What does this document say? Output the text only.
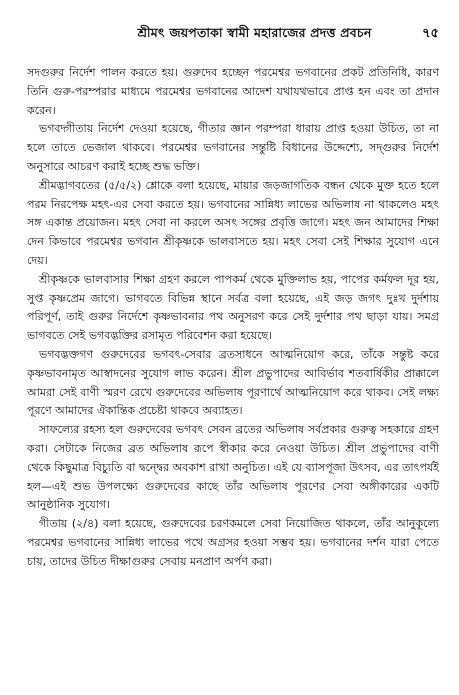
শ্রীমৎ জয়পতাকা স্বামী মহারাজের প্রদত্ত প্রবচন	৭৫

সদগুরুর নির্দেশ পালন করতে হয়। গুরুদেব হচ্ছেন পরমেশ্বর ভগবানের প্রকট প্রতিনিধি, কারণ তিনি গুরু-পরম্পরার মাধ্যমে পরমেশ্বর ভগবানের আদেশ যথাযথভাবে প্রাপ্ত হন এবং তা প্রদান করেন।

ভগবদ্গীতায় নির্দেশ দেওয়া হয়েছে, গীতার জ্ঞান পরম্পরা ধারায় প্রাপ্ত হওয়া উচিত, তা না হলে তাতে ভেজাল থাকবে। পরমেশ্বর ভগবানের সন্তুষ্টি বিধানের উদ্দেশ্যে, সদ্গুরুর নির্দেশ অনুসারে আচরণ করাই হচ্ছে শুদ্ধ ভক্তি।

শ্রীমদ্ভাগবতের (৫/৫/২) শ্লোকে বলা হয়েছে, মায়ার জড়জাগতিক বন্ধন থেকে মুক্ত হতে হলে পরম নিরপেক্ষ মহৎ-এর সেবা করতে হয়। ভগবানের সান্নিধ্য লাভের অভিলাষ না থাকলেও মহৎ সঙ্গ একান্ত প্রয়োজন। মহৎ সেবা না করলে অসৎ সঙ্গের প্রবৃত্তি জাগে। মহৎ জন আমাদের শিক্ষা দেন কিভাবে পরমেশ্বর ভগবান শ্রীকৃষ্ণকে ভালবাসতে হয়। মহৎ সেবা সেই শিক্ষার সুযোগ এনে দেয়।

শ্রীকৃষ্ণকে ভালবাসার শিক্ষা গ্রহণ করলে পাপকর্ম থেকে মুক্তিলাভ হয়, পাপের কর্মফল দূর হয়, সুপ্ত কৃষ্ণপ্রেম জাগে। ভাগবতে বিভিন্ন স্থানে সর্বত্র বলা হয়েছে, এই জড় জগৎ দুঃখ দুর্দশায় পরিপূর্ণ, তাই গুরুর নির্দেশে কৃষ্ণভাবনার পথ অনুসরণ করে সেই দুর্দশার পথ ছাড়া যায়। সমগ্র ভাগবতে সেই ভগবদ্ভক্তির রসামৃত পরিবেশন করা হয়েছে।

ভগবদ্ভক্তগণ গুরুদেবের ভগবৎ-সেবার ব্রতসাধনে আত্মনিয়োগ করে, তাঁকে সন্তুষ্ট করে কৃষ্ণভাবনামৃত আস্বাদনের সুযোগ লাভ করেন। শ্রীল প্রভুপাদের আবির্ভাব শতবার্ষিকীর প্রাক্কালে আমরা সেই বাণী স্মরণ রেখে গুরুদেবের অভিলাষ পূরণার্থে আত্মনিয়োগ করে থাকব। সেই লক্ষ্য পূরণে আমাদের ঐকান্তিক প্রচেষ্টা থাকবে অব্যাহত।

সাফল্যের রহস্য হল গুরুদেবের ভগবৎ সেবন ব্রতের অভিলাষ সর্বপ্রকার গুরুত্ব সহকারে গ্রহণ করা। সেটাকে নিজের ব্রত অভিলাষ রূপে স্বীকার করে নেওয়া উচিত। শ্রীল প্রভুপাদের বাণী থেকে কিছুমাত্র বিচ্যুতি বা দ্বন্দ্বের অবকাশ রাখা অনুচিত। এই যে ব্যাসপূজা উৎসব, এর তাৎপর্যই হল—এই শুভ উপলক্ষ্যে গুরুদেবের কাছে তাঁর অভিলাষ পূরণের সেবা অঙ্গীকারের একটি আনুষ্ঠানিক সুযোগ।

গীতায় (২/৪) বলা হয়েছে, গুরুদেবের চরণকমলে সেবা নিয়োজিত থাকলে, তাঁর আনুকূল্যে পরমেশ্বর ভগবানের সান্নিধ্য লাভের পথে অগ্রসর হওয়া সম্ভব হয়। ভগবানের দর্শন যারা পেতে চায়, তাদের উচিত দীক্ষাগুরুর সেবায় মনপ্রাণ অর্পণ করা।
